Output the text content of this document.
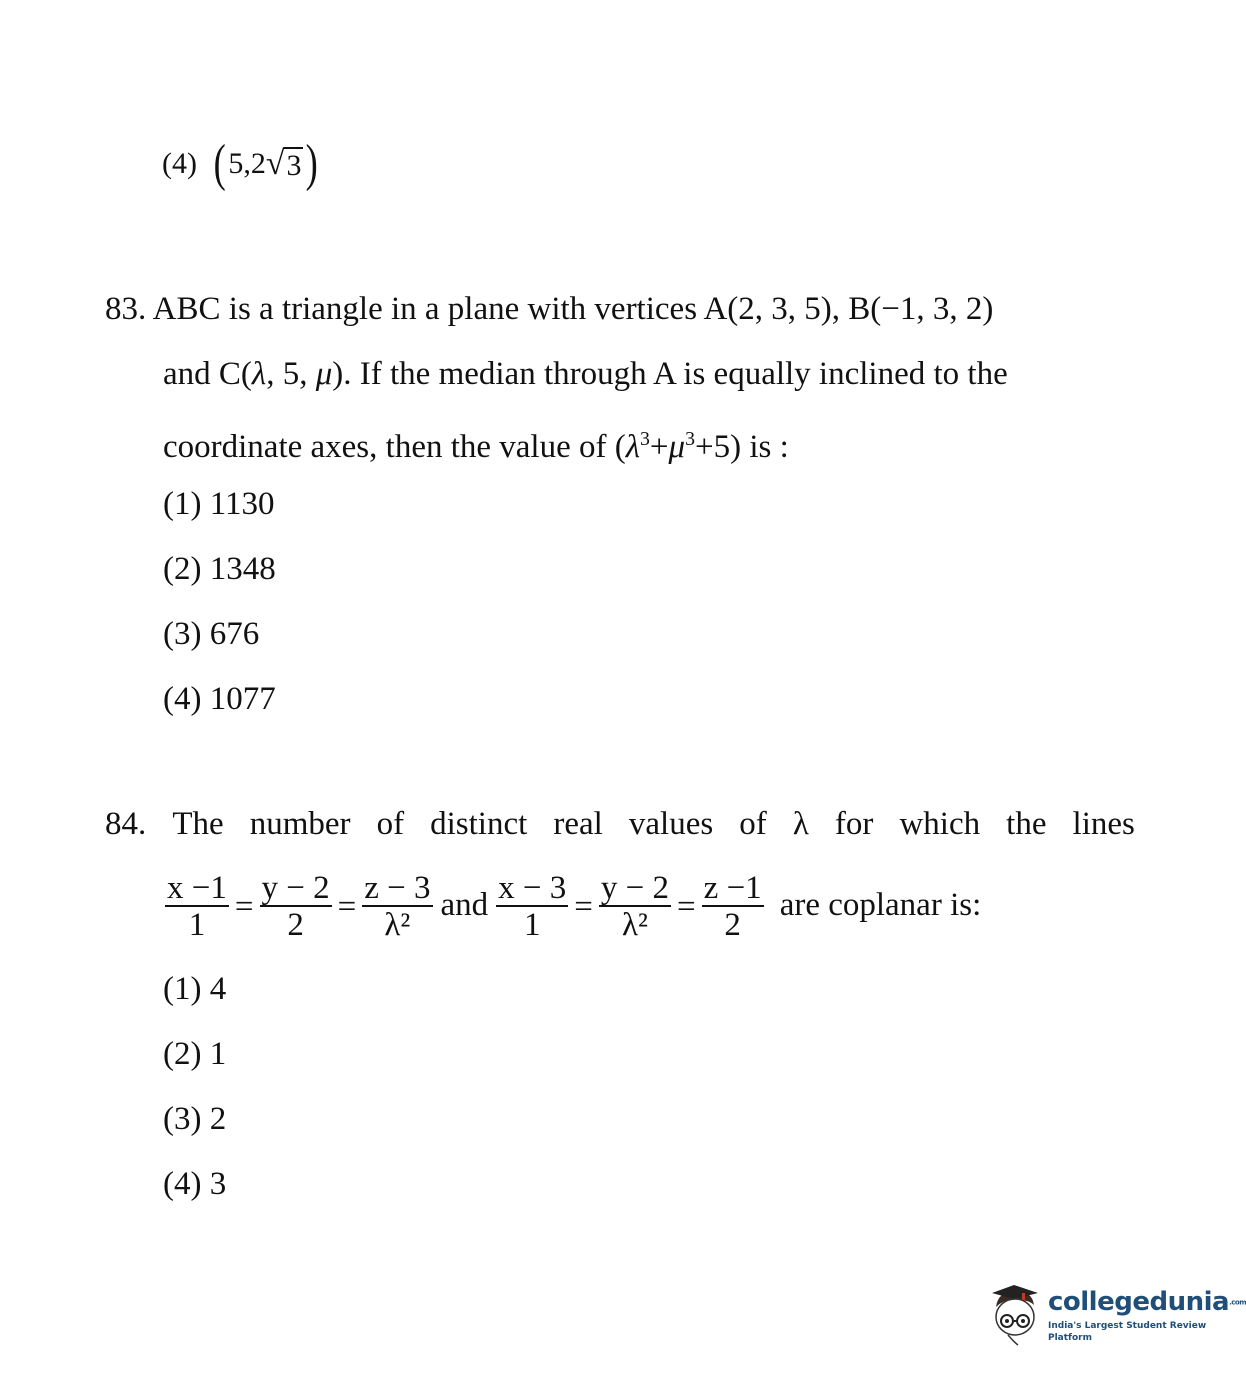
(4) ( 5,2 √ 3 )
83. ABC is a triangle in a plane with vertices A(2, 3, 5), B(−1, 3, 2)
and C(λ, 5, μ). If the median through A is equally inclined to the
coordinate axes, then the value of $(\lambda^3+\mu^3+5)$ is :
(1) 1130
(2) 1348
(3) 676
(4) 1077
84. The number of distinct real values of λ for which the lines
$\frac{x -1}{1} = \frac{y - 2}{2} = \frac{z - 3}{\text{λ²}}$ and $\frac{x - 3}{1} = \frac{y - 2}{\text{λ²}} = \frac{z -1}{2}$ are coplanar is:
(1) 4
(2) 1
(3) 2
(4) 3
collegedunia.com
India's Largest Student Review Platform
